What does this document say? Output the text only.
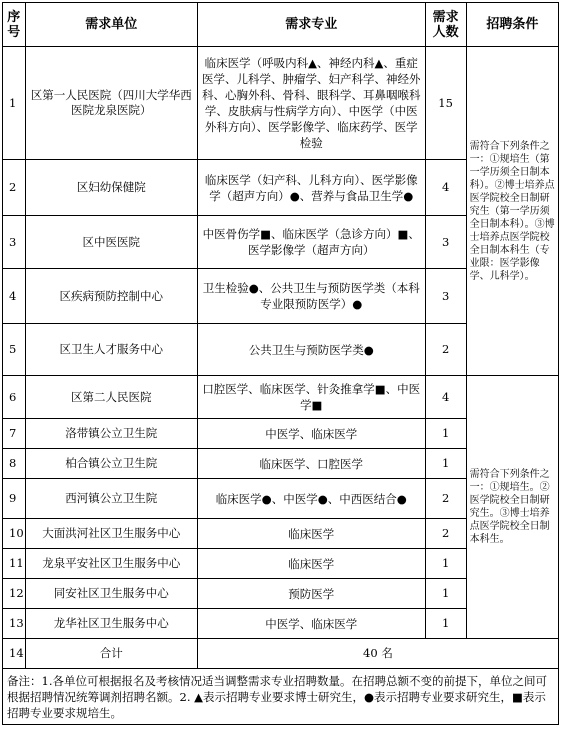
序号	需求单位	需求专业	需求人数	招聘条件
1	区第一人民医院（四川大学华西医院龙泉医院）	临床医学（呼吸内科▲、神经内科▲、重症医学、儿科学、肿瘤学、妇产科学、神经外科、心胸外科、骨科、眼科学、耳鼻咽喉科学、皮肤病与性病学方向）、中医学（中医外科方向）、医学影像学、临床药学、医学检验	15	需符合下列条件之一：①规培生（第一学历须全日制本科）。②博士培养点医学院校全日制研究生（第一学历须全日制本科）。③博士培养点医学院校全日制本科生（专业限：医学影像学、儿科学）。
2	区妇幼保健院	临床医学（妇产科、儿科方向）、医学影像学（超声方向）●、营养与食品卫生学●	4	
3	区中医医院	中医骨伤学■、临床医学（急诊方向）■、医学影像学（超声方向）	3	
4	区疾病预防控制中心	卫生检验●、公共卫生与预防医学类（本科专业限预防医学）●	3	
5	区卫生人才服务中心	公共卫生与预防医学类●	2	
6	区第二人民医院	口腔医学、临床医学、针灸推拿学■、中医学■	4	需符合下列条件之一：①规培生。②医学院校全日制研究生。③博士培养点医学院校全日制本科生。
7	洛带镇公立卫生院	中医学、临床医学	1	
8	柏合镇公立卫生院	临床医学、口腔医学	1	
9	西河镇公立卫生院	临床医学●、中医学●、中西医结合●	2	
10	大面洪河社区卫生服务中心	临床医学	2	
11	龙泉平安社区卫生服务中心	临床医学	1	
12	同安社区卫生服务中心	预防医学	1	
13	龙华社区卫生服务中心	中医学、临床医学	1	
14	合计	40 名		
备注：1.各单位可根据报名及考核情况适当调整需求专业招聘数量。在招聘总额不变的前提下，单位之间可根据招聘情况统筹调剂招聘名额。2. ▲表示招聘专业要求博士研究生，●表示招聘专业要求研究生，■表示招聘专业要求规培生。				
